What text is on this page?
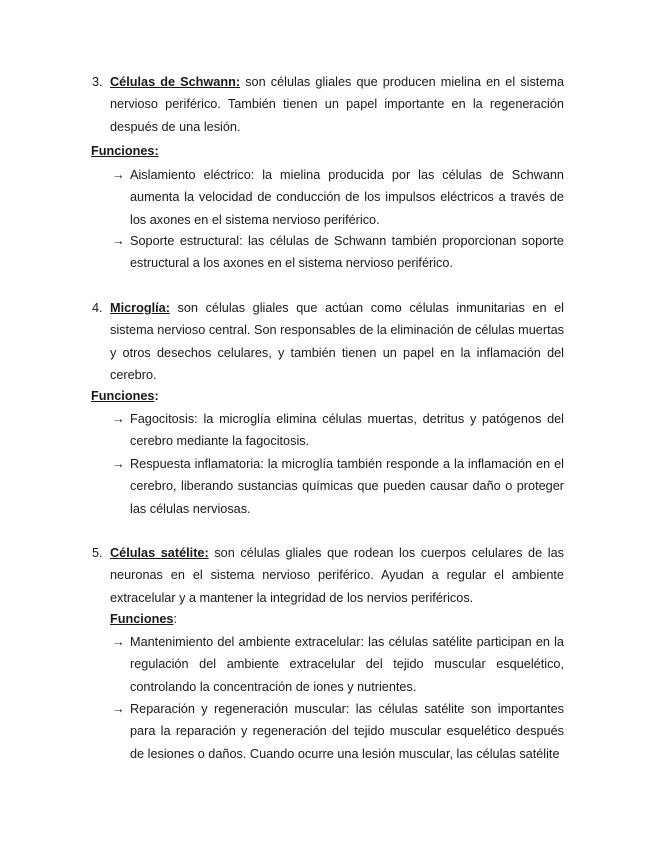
3. Células de Schwann: son células gliales que producen mielina en el sistema nervioso periférico. También tienen un papel importante en la regeneración después de una lesión.
Funciones:
→ Aislamiento eléctrico: la mielina producida por las células de Schwann aumenta la velocidad de conducción de los impulsos eléctricos a través de los axones en el sistema nervioso periférico.
→ Soporte estructural: las células de Schwann también proporcionan soporte estructural a los axones en el sistema nervioso periférico.
4. Microglía: son células gliales que actúan como células inmunitarias en el sistema nervioso central. Son responsables de la eliminación de células muertas y otros desechos celulares, y también tienen un papel en la inflamación del cerebro.
Funciones:
→ Fagocitosis: la microglía elimina células muertas, detritus y patógenos del cerebro mediante la fagocitosis.
→ Respuesta inflamatoria: la microglía también responde a la inflamación en el cerebro, liberando sustancias químicas que pueden causar daño o proteger las células nerviosas.
5. Células satélite: son células gliales que rodean los cuerpos celulares de las neuronas en el sistema nervioso periférico. Ayudan a regular el ambiente extracelular y a mantener la integridad de los nervios periféricos.
Funciones:
→ Mantenimiento del ambiente extracelular: las células satélite participan en la regulación del ambiente extracelular del tejido muscular esquelético, controlando la concentración de iones y nutrientes.
→ Reparación y regeneración muscular: las células satélite son importantes para la reparación y regeneración del tejido muscular esquelético después de lesiones o daños. Cuando ocurre una lesión muscular, las células satélite
